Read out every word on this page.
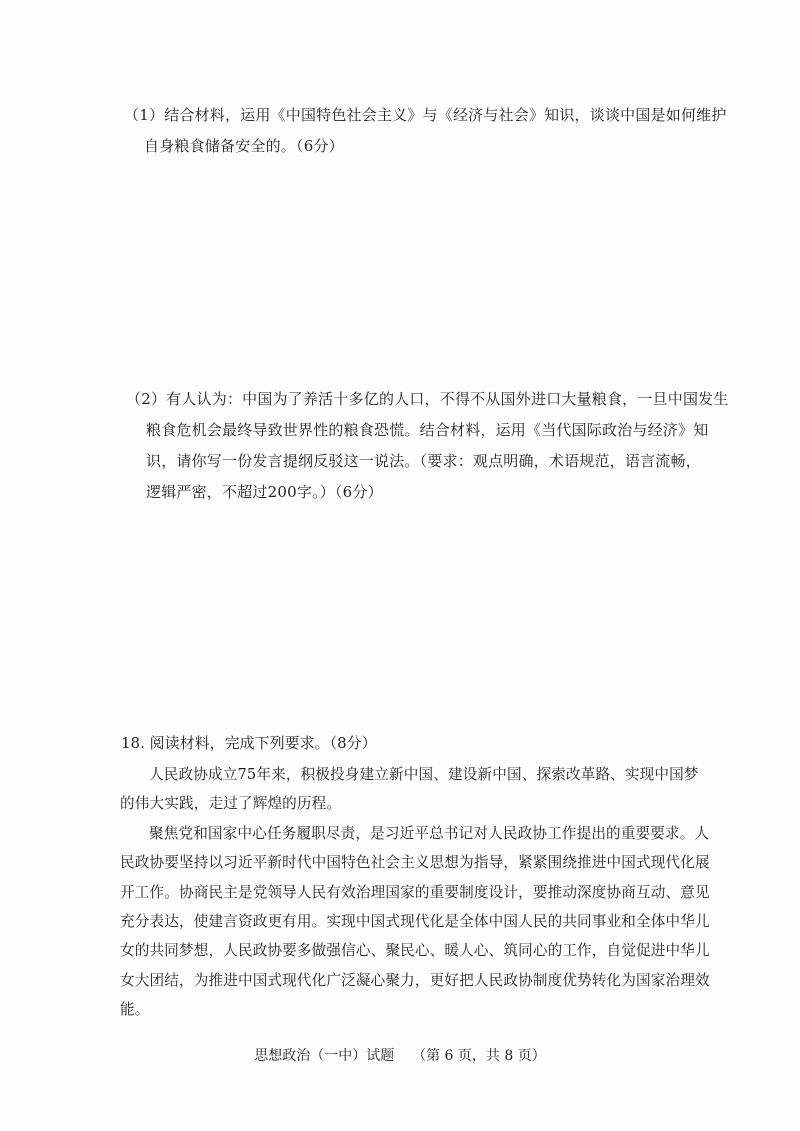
（1）结合材料，运用《中国特色社会主义》与《经济与社会》知识，谈谈中国是如何维护
自身粮食储备安全的。（6分）
（2）有人认为：中国为了养活十多亿的人口，不得不从国外进口大量粮食，一旦中国发生
粮食危机会最终导致世界性的粮食恐慌。结合材料，运用《当代国际政治与经济》知
识，请你写一份发言提纲反驳这一说法。（要求：观点明确，术语规范，语言流畅，
逻辑严密，不超过200字。）（6分）
18. 阅读材料，完成下列要求。（8分）
人民政协成立75年来，积极投身建立新中国、建设新中国、探索改革路、实现中国梦
的伟大实践，走过了辉煌的历程。
聚焦党和国家中心任务履职尽责，是习近平总书记对人民政协工作提出的重要要求。人
民政协要坚持以习近平新时代中国特色社会主义思想为指导，紧紧围绕推进中国式现代化展
开工作。协商民主是党领导人民有效治理国家的重要制度设计，要推动深度协商互动、意见
充分表达，使建言资政更有用。实现中国式现代化是全体中国人民的共同事业和全体中华儿
女的共同梦想，人民政协要多做强信心、聚民心、暖人心、筑同心的工作，自觉促进中华儿
女大团结，为推进中国式现代化广泛凝心聚力，更好把人民政协制度优势转化为国家治理效
能。
思想政治（一中）试题    （第 6 页，共 8 页）
